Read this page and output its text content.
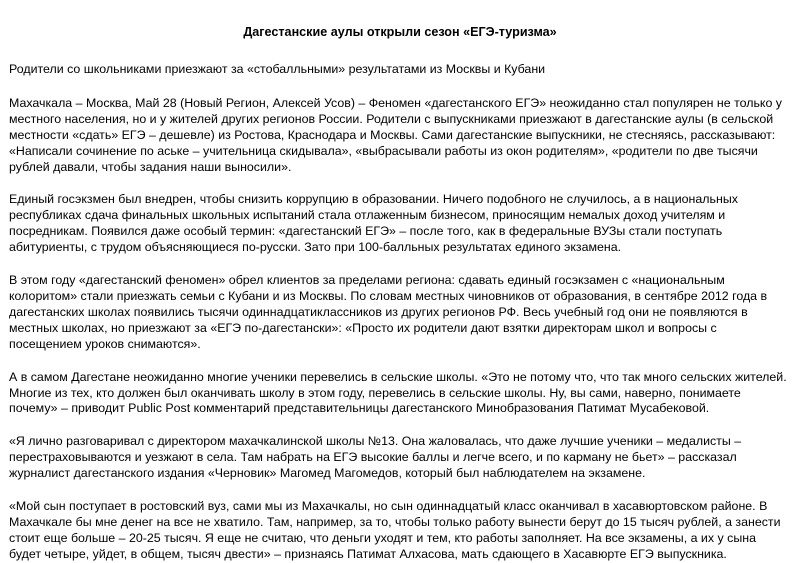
Дагестанские аулы открыли сезон «ЕГЭ-туризма»

Родители со школьниками приезжают за «стобалльными» результатами из Москвы и Кубани

Махачкала – Москва, Май 28 (Новый Регион, Алексей Усов) – Феномен «дагестанского ЕГЭ» неожиданно стал популярен не только у местного населения, но и у жителей других регионов России. Родители с выпускниками приезжают в дагестанские аулы (в сельской местности «сдать» ЕГЭ – дешевле) из Ростова, Краснодара и Москвы. Сами дагестанские выпускники, не стесняясь, рассказывают: «Написали сочинение по аське – учительница скидывала», «выбрасывали работы из окон родителям», «родители по две тысячи рублей давали, чтобы задания наши выносили».

Единый госэкзмен был внедрен, чтобы снизить коррупцию в образовании. Ничего подобного не случилось, а в национальных республиках сдача финальных школьных испытаний стала отлаженным бизнесом, приносящим немалых доход учителям и посредникам. Появился даже особый термин: «дагестанский ЕГЭ» – после того, как в федеральные ВУЗы стали поступать абитуриенты, с трудом объясняющиеся по-русски. Зато при 100-балльных результатах единого экзамена.

В этом году «дагестанский феномен» обрел клиентов за пределами региона: сдавать единый госэкзамен с «национальным колоритом» стали приезжать семьи с Кубани и из Москвы. По словам местных чиновников от образования, в сентябре 2012 года в дагестанских школах появились тысячи одиннадцатиклассников из других регионов РФ. Весь учебный год они не появляются в местных школах, но приезжают за «ЕГЭ по-дагестански»: «Просто их родители дают взятки директорам школ и вопросы с посещением уроков снимаются».

А в самом Дагестане неожиданно многие ученики перевелись в сельские школы. «Это не потому что, что так много сельских жителей. Многие из тех, кто должен был оканчивать школу в этом году, перевелись в сельские школы. Ну, вы сами, наверно, понимаете почему» – приводит Public Post комментарий представительницы дагестанского Минобразования Патимат Мусабековой.

«Я лично разговаривал с директором махачкалинской школы №13. Она жаловалась, что даже лучшие ученики – медалисты – перестраховываются и уезжают в села. Там набрать на ЕГЭ высокие баллы и легче всего, и по карману не бьет» – рассказал журналист дагестанского издания «Черновик» Магомед Магомедов, который был наблюдателем на экзамене.

«Мой сын поступает в ростовский вуз, сами мы из Махачкалы, но сын одиннадцатый класс оканчивал в хасавюртовском районе. В Махачкале бы мне денег на все не хватило. Там, например, за то, чтобы только работу вынести берут до 15 тысяч рублей, а занести стоит еще больше – 20-25 тысяч. Я еще не считаю, что деньги уходят и тем, кто работы заполняет. На все экзамены, а их у сына будет четыре, уйдет, в общем, тысяч двести» – признаясь Патимат Алхасова, мать сдающего в Хасавюрте ЕГЭ выпускника.
